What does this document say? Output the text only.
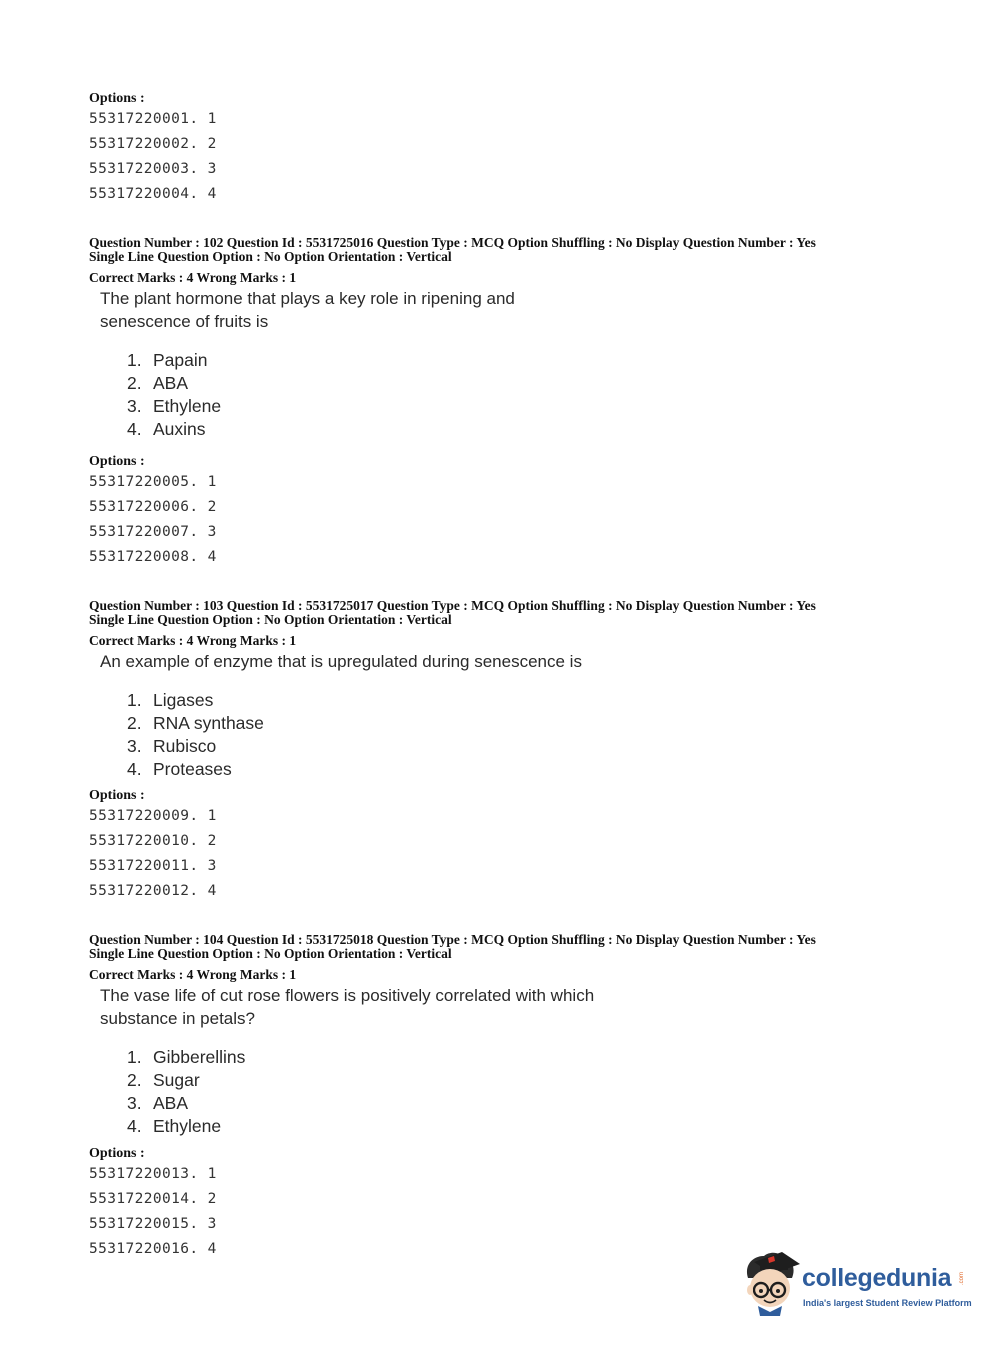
Options :
55317220001. 1
55317220002. 2
55317220003. 3
55317220004. 4
Question Number : 102 Question Id : 5531725016 Question Type : MCQ Option Shuffling : No Display Question Number : Yes
Single Line Question Option : No Option Orientation : Vertical
Correct Marks : 4 Wrong Marks : 1
The plant hormone that plays a key role in ripening and
senescence of fruits is
1. Papain
2. ABA
3. Ethylene
4. Auxins
Options :
55317220005. 1
55317220006. 2
55317220007. 3
55317220008. 4
Question Number : 103 Question Id : 5531725017 Question Type : MCQ Option Shuffling : No Display Question Number : Yes
Single Line Question Option : No Option Orientation : Vertical
Correct Marks : 4 Wrong Marks : 1
An example of enzyme that is upregulated during senescence is
1. Ligases
2. RNA synthase
3. Rubisco
4. Proteases
Options :
55317220009. 1
55317220010. 2
55317220011. 3
55317220012. 4
Question Number : 104 Question Id : 5531725018 Question Type : MCQ Option Shuffling : No Display Question Number : Yes
Single Line Question Option : No Option Orientation : Vertical
Correct Marks : 4 Wrong Marks : 1
The vase life of cut rose flowers is positively correlated with which
substance in petals?
1. Gibberellins
2. Sugar
3. ABA
4. Ethylene
Options :
55317220013. 1
55317220014. 2
55317220015. 3
55317220016. 4
collegedunia .com
India's largest Student Review Platform
